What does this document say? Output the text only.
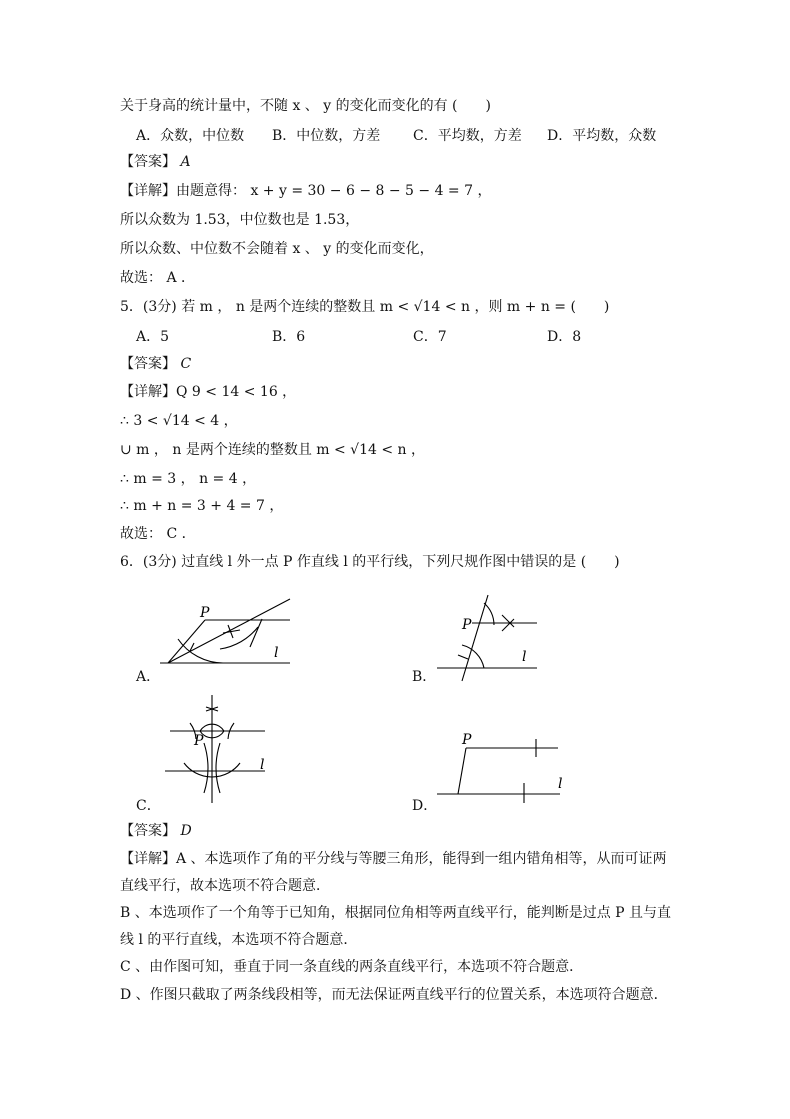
关于身高的统计量中，不随 x 、 y 的变化而变化的有 (　　)
A．众数，中位数 B．中位数，方差 C．平均数，方差 D．平均数，众数
【答案】 A
【详解】由题意得： x + y = 30 − 6 − 8 − 5 − 4 = 7 ，
所以众数为 1.53，中位数也是 1.53，
所以众数、中位数不会随着 x 、 y 的变化而变化，
故选： A ．
5．(3分) 若 m ， n 是两个连续的整数且 m < √14 < n ，则 m + n = (　　)
A．5	B．6	C．7	D．8
【答案】 C
【详解】Q 9 < 14 < 16 ，
∴ 3 < √14 < 4 ，
∪ m ， n 是两个连续的整数且 m < √14 < n ，
∴ m = 3 ， n = 4 ，
∴ m + n = 3 + 4 = 7 ，
故选： C ．
6．(3分) 过直线 l 外一点 P 作直线 l 的平行线，下列尺规作图中错误的是 (　　)
P
l
A．
P
l
B．
P
l
C．
P
l
D．
【答案】 D
【详解】A 、本选项作了角的平分线与等腰三角形，能得到一组内错角相等，从而可证两
直线平行，故本选项不符合题意．
B 、本选项作了一个角等于已知角，根据同位角相等两直线平行，能判断是过点 P 且与直
线 l 的平行直线，本选项不符合题意．
C 、由作图可知，垂直于同一条直线的两条直线平行，本选项不符合题意．
D 、作图只截取了两条线段相等，而无法保证两直线平行的位置关系，本选项符合题意．
